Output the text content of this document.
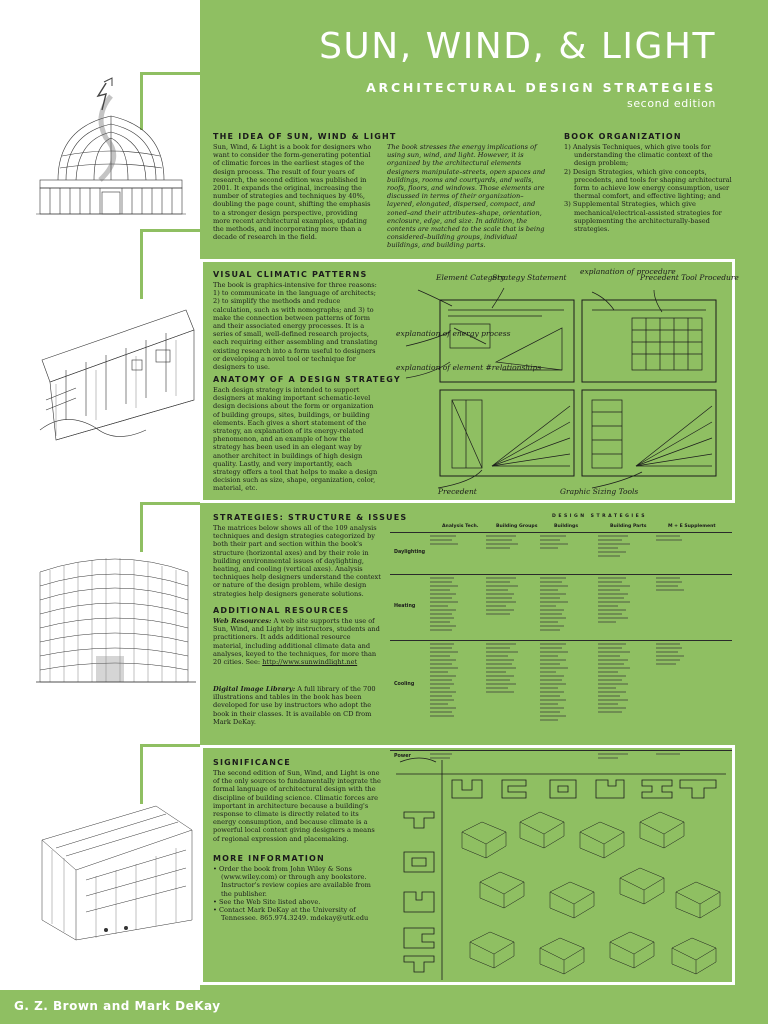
G. Z. Brown and Mark DeKay
SUN, WIND, & LIGHT
ARCHITECTURAL DESIGN STRATEGIES
second edition
THE IDEA OF SUN, WIND & LIGHT
Sun, Wind, & Light is a book for designers who want to consider the form-generating potential of climatic forces in the earliest stages of the design process. The result of four years of research, the second edition was published in 2001. It expands the original, increasing the number of strategies and techniques by 40%, doubling the page count, shifting the emphasis to a stronger design perspective, providing more recent architectural examples, updating the methods, and incorporating more than a decade of research in the field.
The book stresses the energy implications of using sun, wind, and light. However, it is organized by the architectural elements designers manipulate–streets, open spaces and buildings, rooms and courtyards, and walls, roofs, floors, and windows. Those elements are discussed in terms of their organization–layered, elongated, dispersed, compact, and zoned–and their attributes–shape, orientation, enclosure, edge, and size. In addition, the contents are matched to the scale that is being considered–building groups, individual buildings, and building parts.
BOOK ORGANIZATION
1) Analysis Techniques, which give tools for understanding the climatic context of the design problem;
2) Design Strategies, which give concepts, precedents, and tools for shaping architectural form to achieve low energy consumption, user thermal comfort, and effective lighting; and
3) Supplemental Strategies, which give mechanical/electrical-assisted strategies for supplementing the architecturally-based strategies.
VISUAL CLIMATIC PATTERNS
The book is graphics-intensive for three reasons: 1) to communicate in the language of architects; 2) to simplify the methods and reduce calculation, such as with nomographs; and 3) to make the connection between patterns of form and their associated energy processes. It is a series of small, well-defined research projects, each requiring either assembling and translating existing research into a form useful to designers or developing a novel tool or technique for designers to use.
ANATOMY OF A DESIGN STRATEGY
Each design strategy is intended to support designers at making important schematic-level design decisions about the form or organization of building groups, sites, buildings, or building elements. Each gives a short statement of the strategy, an explanation of its energy-related phenomenon, and an example of how the strategy has been used in an elegant way by another architect in buildings of high design quality. Lastly, and very importantly, each strategy offers a tool that helps to make a design decision such as size, shape, organization, color, material, etc.
Element Category
Strategy Statement
explanation of procedure
Precedent Tool Procedure
explanation of energy process
explanation of element #relationships
Precedent	Graphic Sizing Tools
STRATEGIES: STRUCTURE & ISSUES
The matrices below shows all of the 109 analysis techniques and design strategies categorized by both their part and section within the book's structure (horizontal axes) and by their role in building environmental issues of daylighting, heating, and cooling (vertical axes). Analysis techniques help designers understand the context or nature of the design problem, while design strategies help designers generate solutions.
ADDITIONAL RESOURCES
Web Resources: A web site supports the use of Sun, Wind, and Light by instructors, students and practitioners. It adds additional resource material, including additional climate data and analyses, keyed to the techniques, for more than 20 cities. See: http://www.sunwindlight.net
Digital Image Library: A full library of the 700 illustrations and tables in the book has been developed for use by instructors who adopt the book in their classes. It is available on CD from Mark DeKay.
DESIGN STRATEGIES
Analysis Tech.	Building Groups	Buildings	Building Parts	M + E Supplement
Daylighting
Heating
Cooling
Power
SIGNIFICANCE
The second edition of Sun, Wind, and Light is one of the only sources to fundamentally integrate the formal language of architectural design with the discipline of building science. Climatic forces are important in architecture because a building's response to climate is directly related to its energy consumption, and because climate is a powerful local context giving designers a means of regional expression and placemaking.
MORE INFORMATION
• Order the book from John Wiley & Sons (www.wiley.com) or through any bookstore. Instructor's review copies are available from the publisher.
• See the Web Site listed above.
• Contact Mark DeKay at the University of Tennessee. 865.974.3249. mdekay@utk.edu
